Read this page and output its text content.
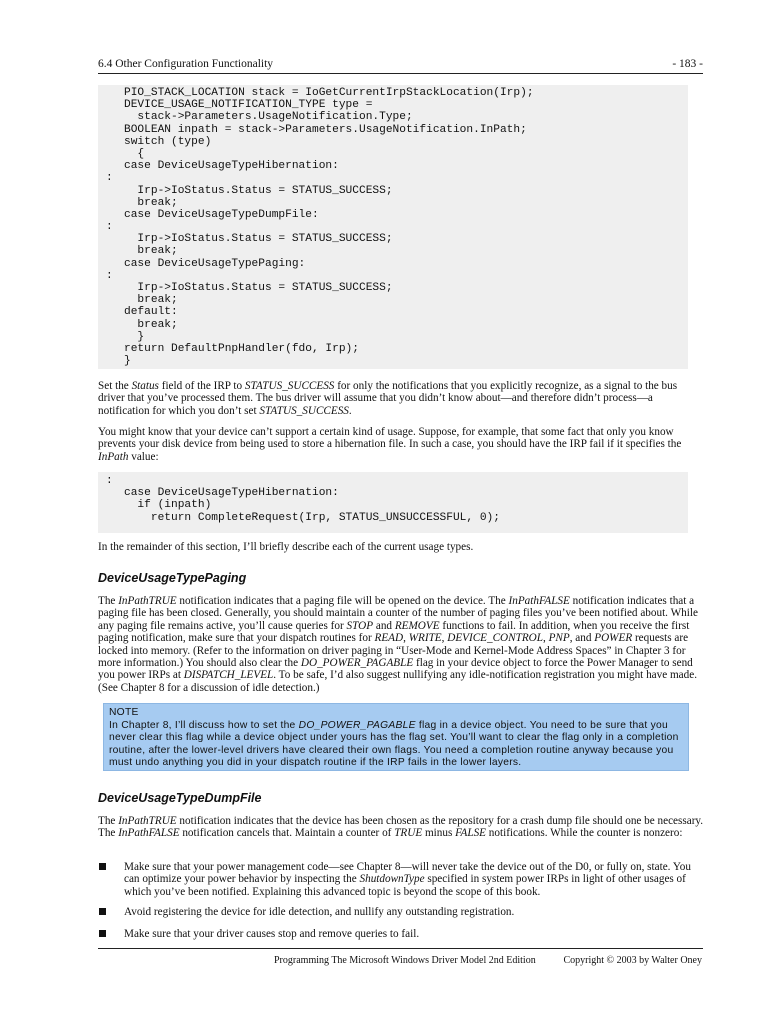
6.4 Other Configuration Functionality	- 183 -
PIO_STACK_LOCATION stack = IoGetCurrentIrpStackLocation(Irp);
DEVICE_USAGE_NOTIFICATION_TYPE type =
stack->Parameters.UsageNotification.Type;
BOOLEAN inpath = stack->Parameters.UsageNotification.InPath;
switch (type)
{
case DeviceUsageTypeHibernation:
:
Irp->IoStatus.Status = STATUS_SUCCESS;
break;
case DeviceUsageTypeDumpFile:
:
Irp->IoStatus.Status = STATUS_SUCCESS;
break;
case DeviceUsageTypePaging:
:
Irp->IoStatus.Status = STATUS_SUCCESS;
break;
default:
break;
}
return DefaultPnpHandler(fdo, Irp);
}
Set the Status field of the IRP to STATUS_SUCCESS for only the notifications that you explicitly recognize, as a signal to the bus driver that you’ve processed them. The bus driver will assume that you didn’t know about—and therefore didn’t process—a notification for which you don’t set STATUS_SUCCESS.
You might know that your device can’t support a certain kind of usage. Suppose, for example, that some fact that only you know prevents your disk device from being used to store a hibernation file. In such a case, you should have the IRP fail if it specifies the InPath value:
:
case DeviceUsageTypeHibernation:
if (inpath)
return CompleteRequest(Irp, STATUS_UNSUCCESSFUL, 0);
In the remainder of this section, I’ll briefly describe each of the current usage types.
DeviceUsageTypePaging
The InPathTRUE notification indicates that a paging file will be opened on the device. The InPathFALSE notification indicates that a paging file has been closed. Generally, you should maintain a counter of the number of paging files you’ve been notified about. While any paging file remains active, you’ll cause queries for STOP and REMOVE functions to fail. In addition, when you receive the first paging notification, make sure that your dispatch routines for READ, WRITE, DEVICE_CONTROL, PNP, and POWER requests are locked into memory. (Refer to the information on driver paging in “User-Mode and Kernel-Mode Address Spaces” in Chapter 3 for more information.) You should also clear the DO_POWER_PAGABLE flag in your device object to force the Power Manager to send you power IRPs at DISPATCH_LEVEL. To be safe, I’d also suggest nullifying any idle-notification registration you might have made. (See Chapter 8 for a discussion of idle detection.)
NOTE
In Chapter 8, I’ll discuss how to set the DO_POWER_PAGABLE flag in a device object. You need to be sure that you never clear this flag while a device object under yours has the flag set. You’ll want to clear the flag only in a completion routine, after the lower-level drivers have cleared their own flags. You need a completion routine anyway because you must undo anything you did in your dispatch routine if the IRP fails in the lower layers.
DeviceUsageTypeDumpFile
The InPathTRUE notification indicates that the device has been chosen as the repository for a crash dump file should one be necessary. The InPathFALSE notification cancels that. Maintain a counter of TRUE minus FALSE notifications. While the counter is nonzero:
Make sure that your power management code—see Chapter 8—will never take the device out of the D0, or fully on, state. You can optimize your power behavior by inspecting the ShutdownType specified in system power IRPs in light of other usages of which you’ve been notified. Explaining this advanced topic is beyond the scope of this book.
Avoid registering the device for idle detection, and nullify any outstanding registration.
Make sure that your driver causes stop and remove queries to fail.
Programming The Microsoft Windows Driver Model 2nd Edition	Copyright © 2003 by Walter Oney
